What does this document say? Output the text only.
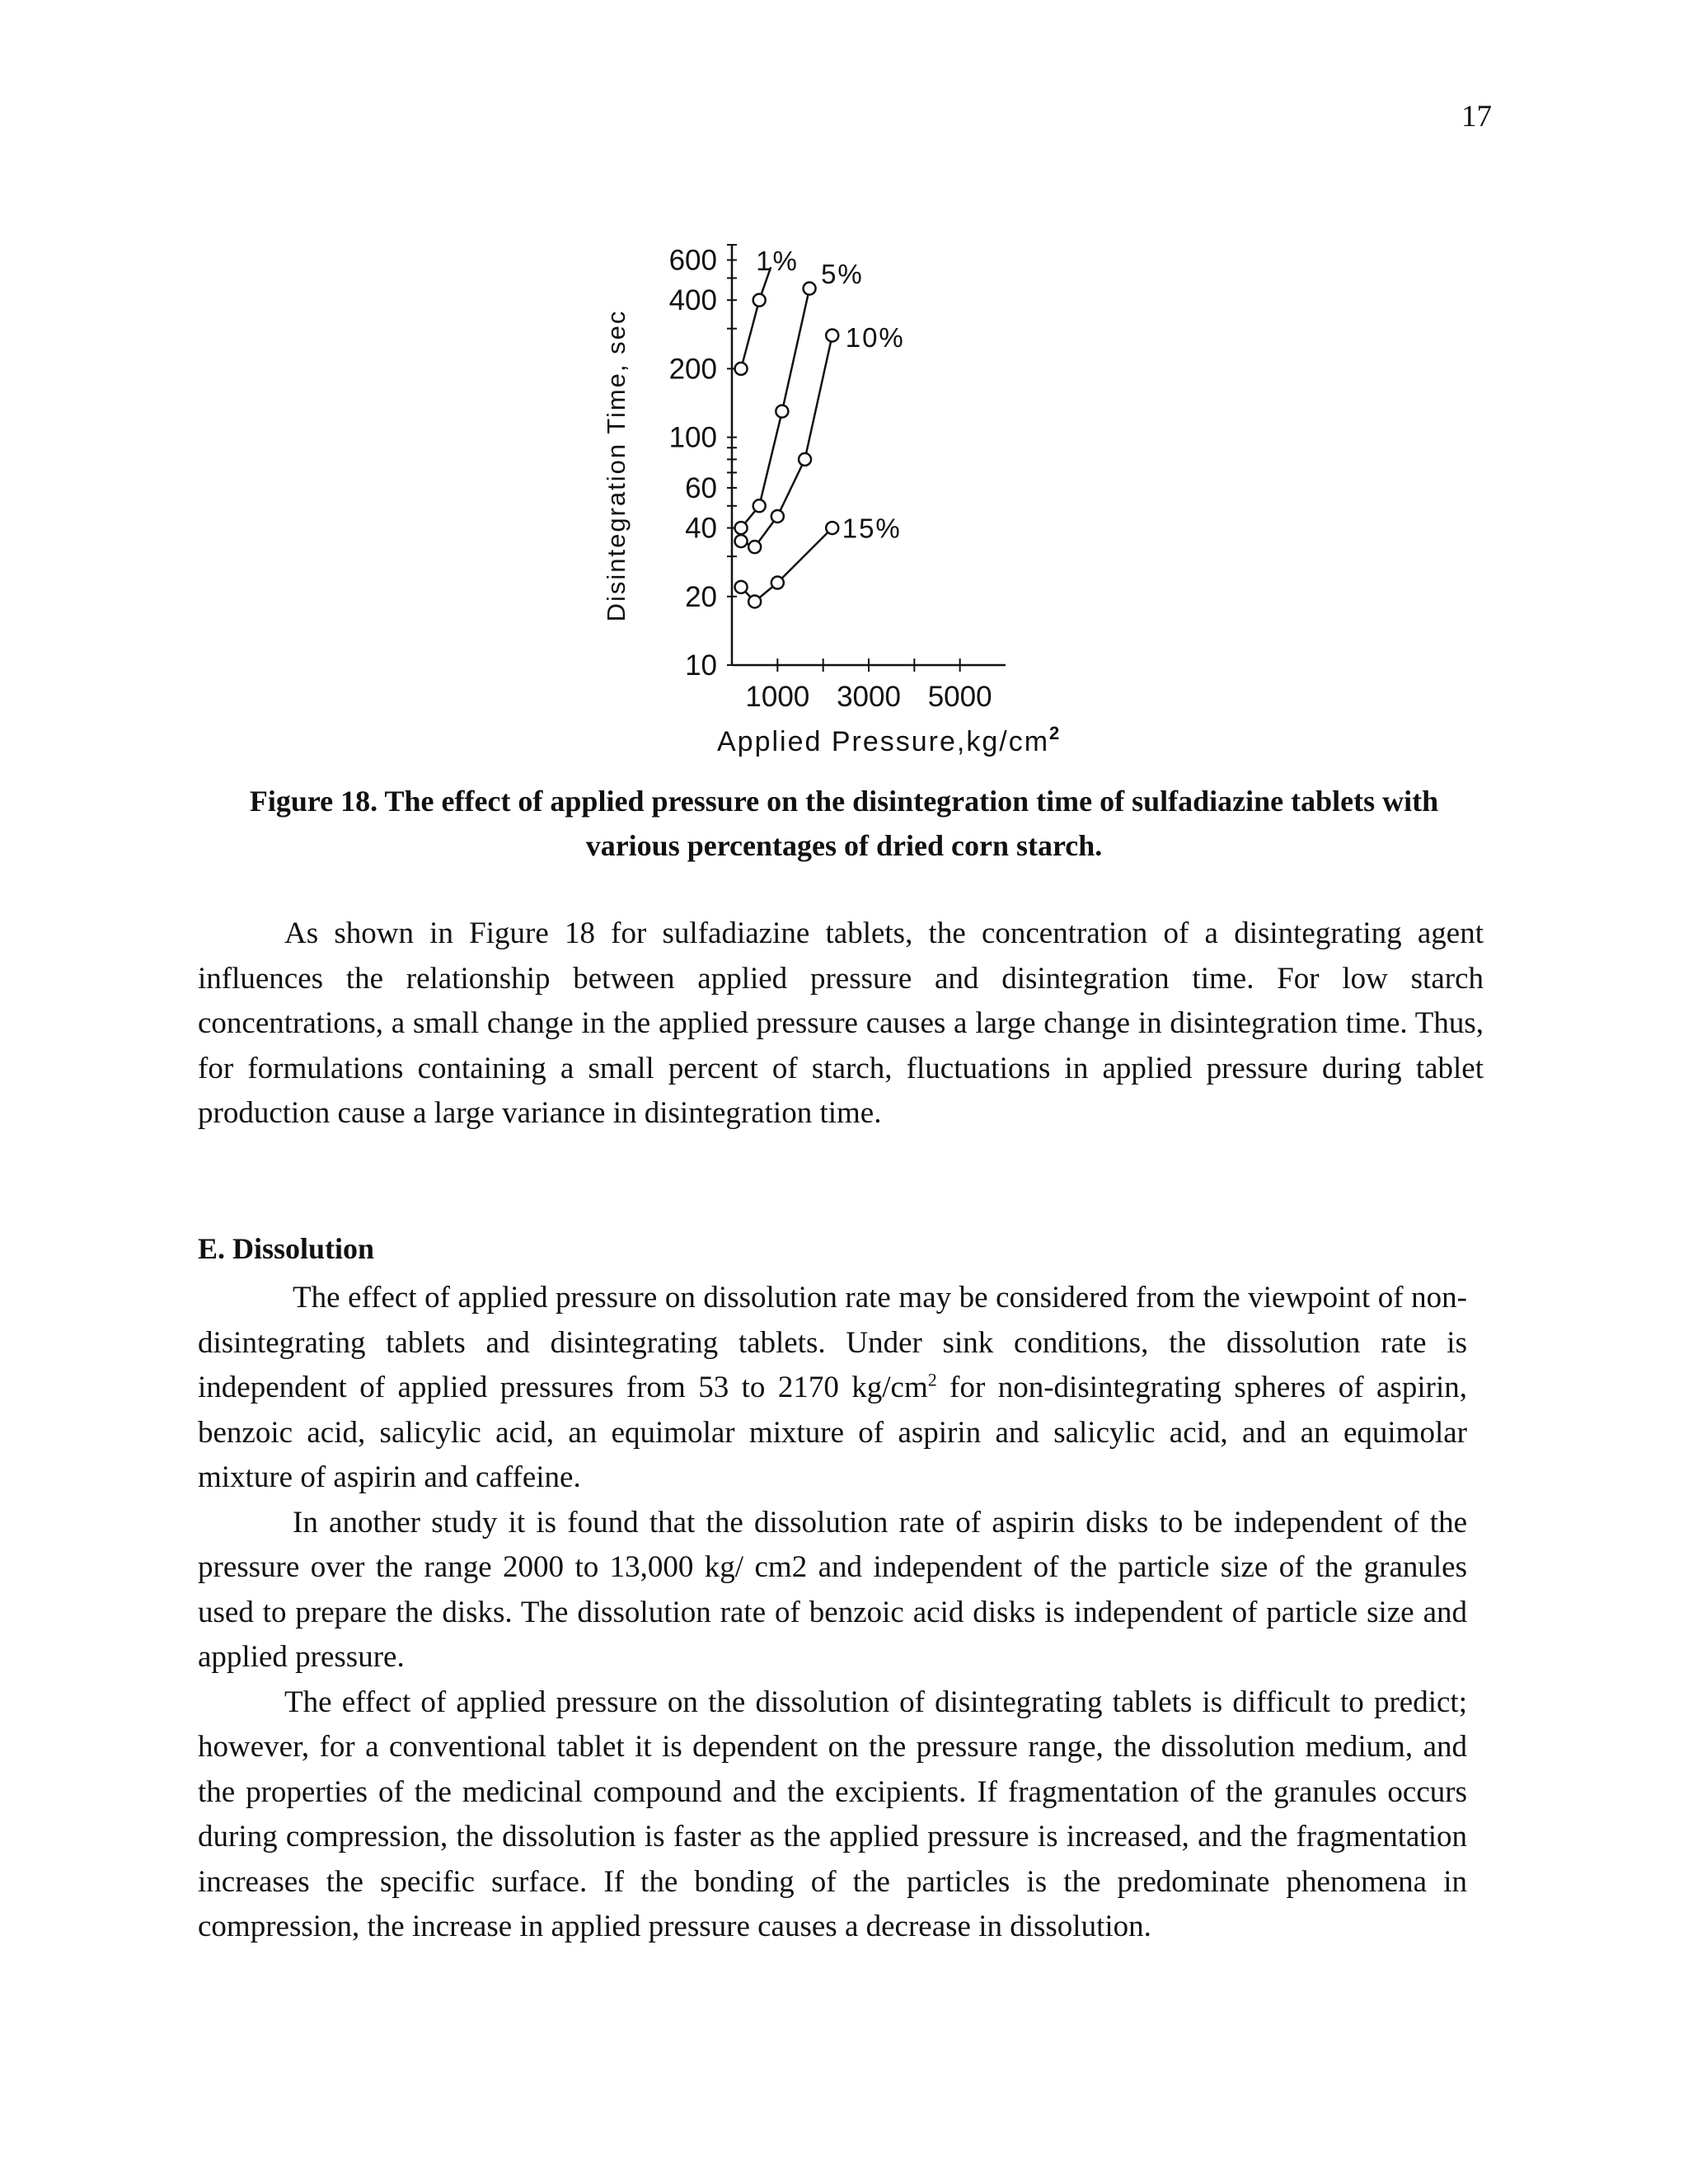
17
600
400
200
100
60
40
20
10
1000 3000 5000
1% 5%
10%
15%
Disintegration Time, sec
Applied $Pressure,kg/cm^2$
Figure 18. The effect of applied pressure on the disintegration time of sulfadiazine tablets with
various percentages of dried corn starch.

As shown in Figure 18 for sulfadiazine tablets, the concentration of a disintegrating agent influences the relationship between applied pressure and disintegration time. For low starch concentrations, a small change in the applied pressure causes a large change in disintegration time. Thus, for formulations containing a small percent of starch, fluctuations in applied pressure during tablet production cause a large variance in disintegration time.

E. Dissolution

The effect of applied pressure on dissolution rate may be considered from the viewpoint of non-disintegrating tablets and disintegrating tablets. Under sink conditions, the dissolution rate is independent of applied pressures from 53 to 2170 $kg/cm^2$ for non-disintegrating spheres of aspirin, benzoic acid, salicylic acid, an equimolar mixture of aspirin and salicylic acid, and an equimolar mixture of aspirin and caffeine.

In another study it is found that the dissolution rate of aspirin disks to be independent of the pressure over the range 2000 to 13,000 kg/ cm2 and independent of the particle size of the granules used to prepare the disks. The dissolution rate of benzoic acid disks is independent of particle size and applied pressure.

The effect of applied pressure on the dissolution of disintegrating tablets is difficult to predict; however, for a conventional tablet it is dependent on the pressure range, the dissolution medium, and the properties of the medicinal compound and the excipients. If fragmentation of the granules occurs during compression, the dissolution is faster as the applied pressure is increased, and the fragmentation increases the specific surface. If the bonding of the particles is the predominate phenomena in compression, the increase in applied pressure causes a decrease in dissolution.
